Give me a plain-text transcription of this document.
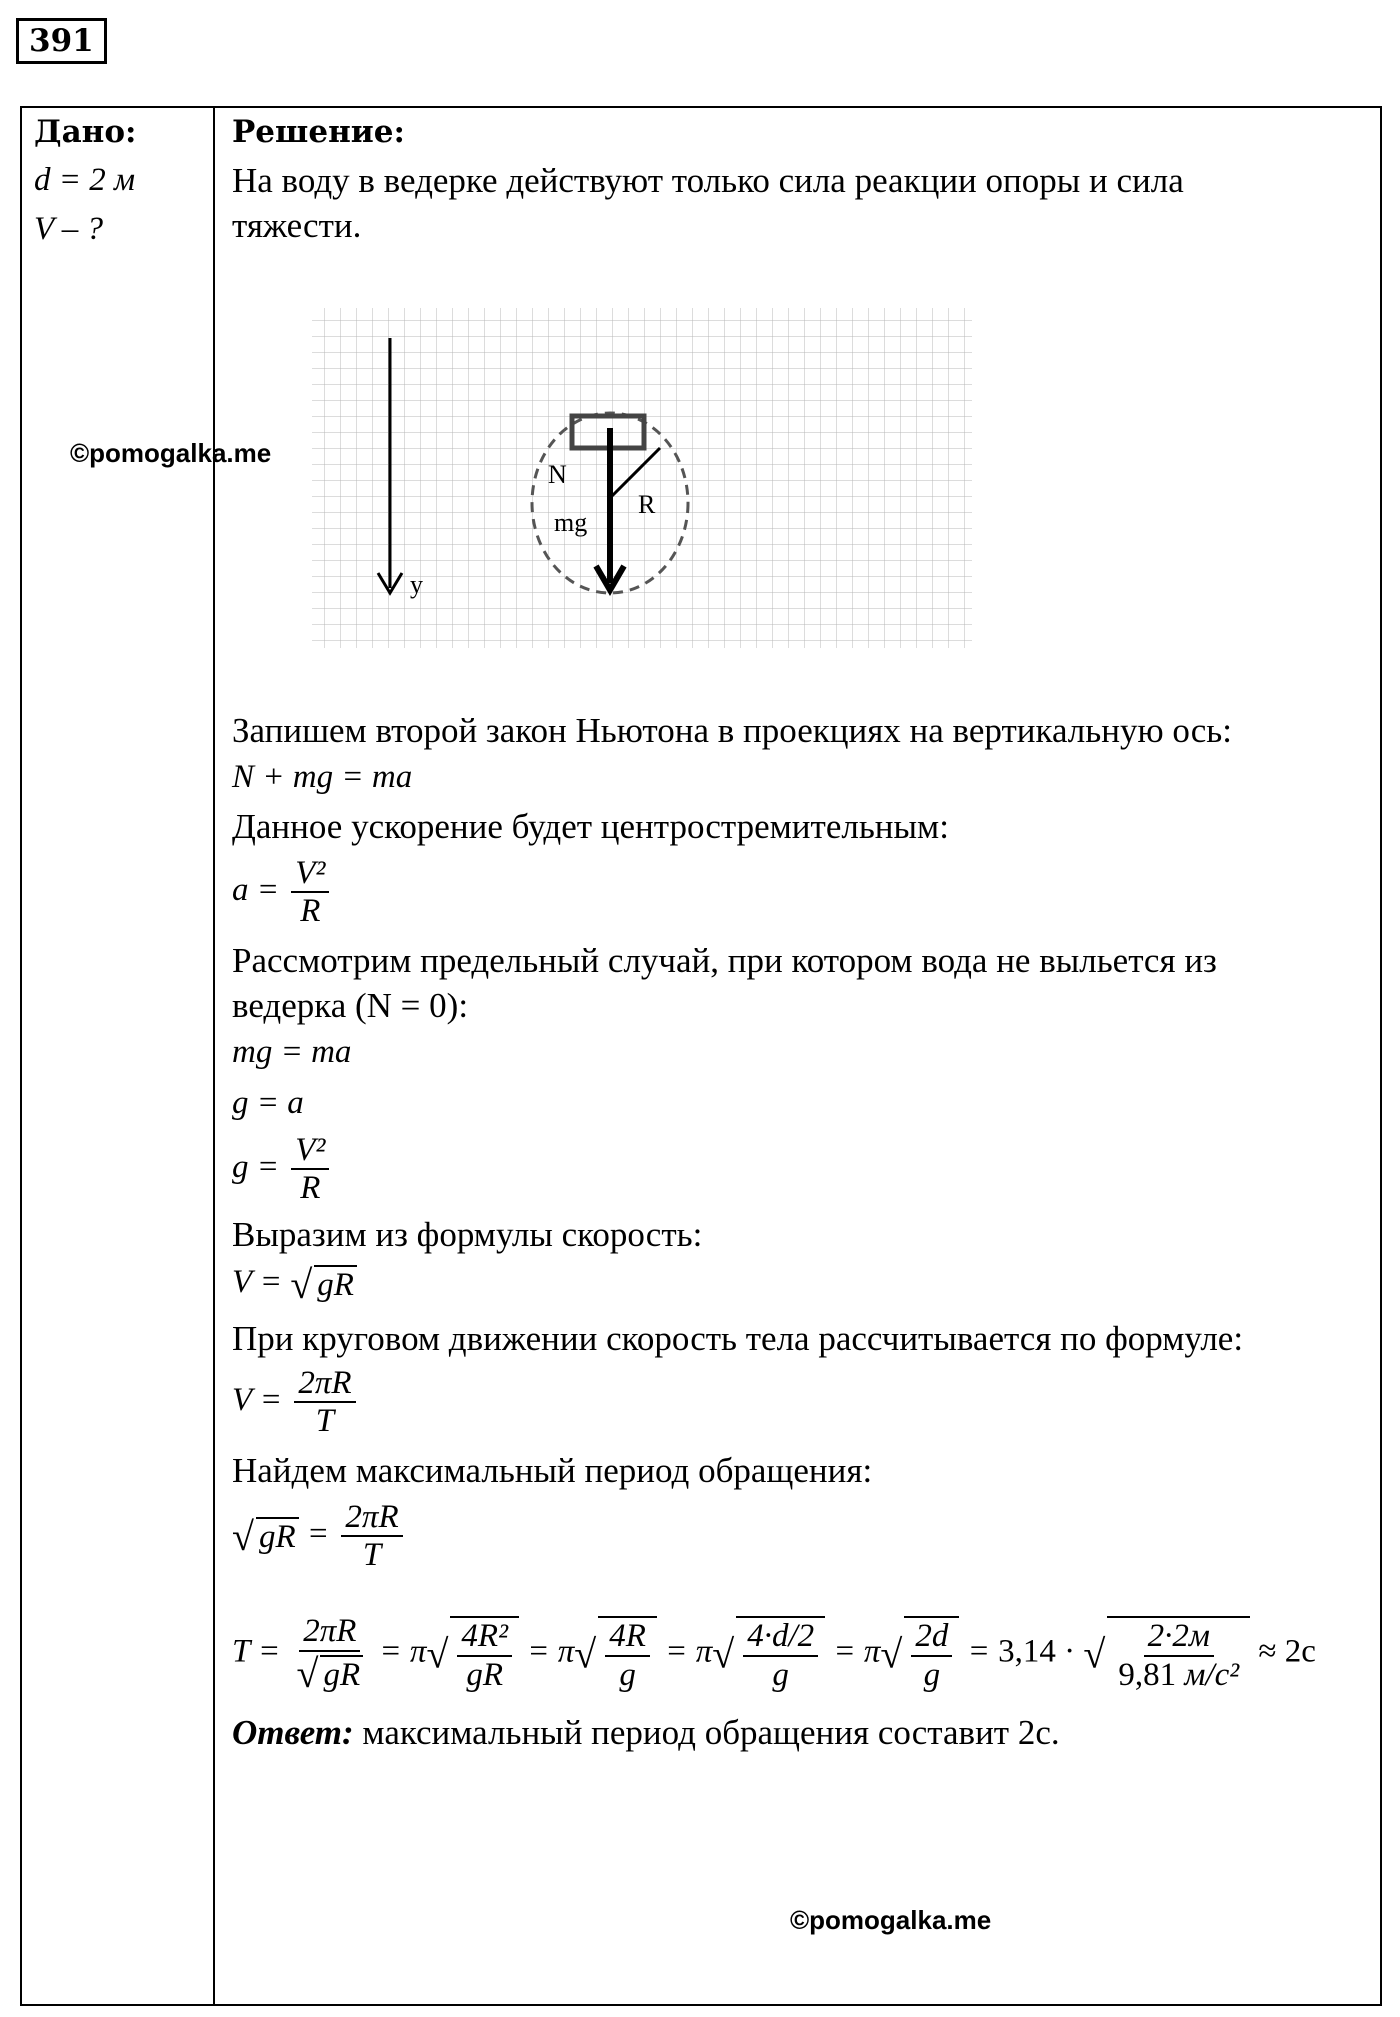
391
Дано:
d = 2 м
V – ?
Решение:
На воду в ведерке действуют только сила реакции опоры и сила
тяжести.
y
N
mg
R
Запишем второй закон Ньютона в проекциях на вертикальную ось:
N + mg = ma
Данное ускорение будет центростремительным:
$a = \frac{\text{V²}}{R}$
Рассмотрим предельный случай, при котором вода не выльется из
ведерка (N = 0):
mg = ma
g = a
$g = \frac{\text{V²}}{R}$
Выразим из формулы скорость:
V = √ gR
При круговом движении скорость тела рассчитывается по формуле:
$V = \frac{2\pi R}{T}$
Найдем максимальный период обращения:
√ gR = $\frac{2\pi R}{T}$
$T = \frac{2\pi R}{√ gR} = \pi√ \frac{\text{4R²}}{gR} = \pi√ \frac{4R}{g} = \pi√ \frac{4\cdot d/2}{g} = \pi√ \frac{2d}{g} = 3,14$ · √ $\frac{2\cdot 2м}{\text{9,81 м/с²}} \approx 2с$
Ответ: максимальный период обращения составит 2с.
©pomogalka.me
©pomogalka.me
